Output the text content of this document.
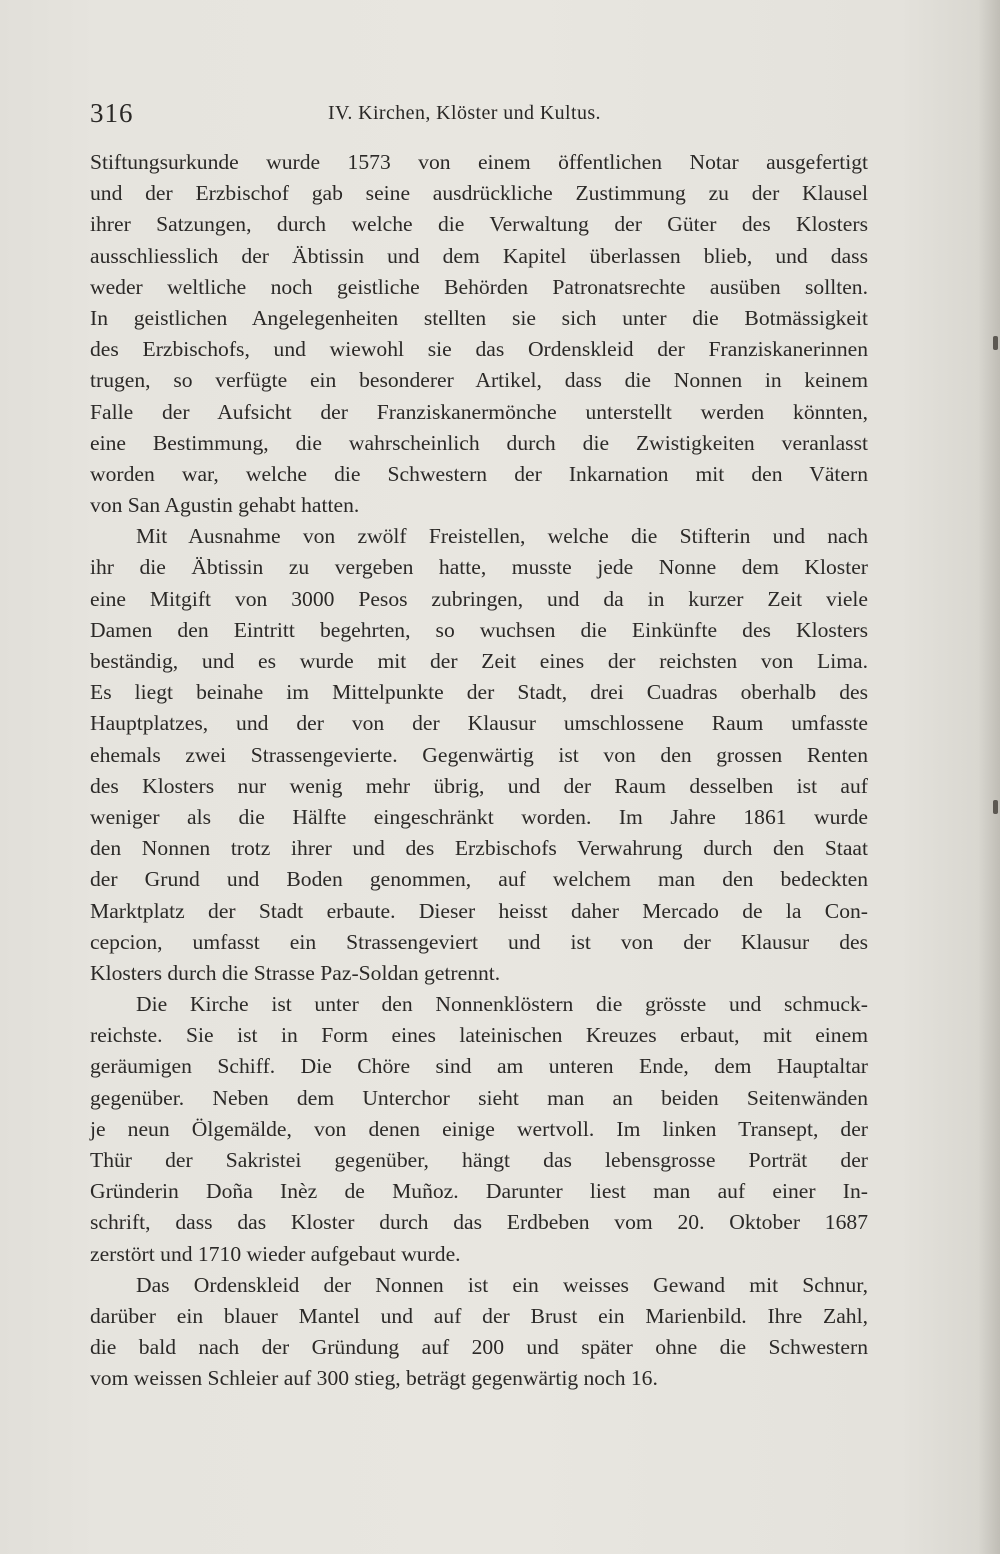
316	IV. Kirchen, Klöster und Kultus.
Stiftungsurkunde wurde 1573 von einem öffentlichen Notar ausgefertigt
und der Erzbischof gab seine ausdrückliche Zustimmung zu der Klausel
ihrer Satzungen, durch welche die Verwaltung der Güter des Klosters
ausschliesslich der Äbtissin und dem Kapitel überlassen blieb, und dass
weder weltliche noch geistliche Behörden Patronatsrechte ausüben sollten.
In geistlichen Angelegenheiten stellten sie sich unter die Botmässigkeit
des Erzbischofs, und wiewohl sie das Ordenskleid der Franziskanerinnen
trugen, so verfügte ein besonderer Artikel, dass die Nonnen in keinem
Falle der Aufsicht der Franziskanermönche unterstellt werden könnten,
eine Bestimmung, die wahrscheinlich durch die Zwistigkeiten veranlasst
worden war, welche die Schwestern der Inkarnation mit den Vätern
von San Agustin gehabt hatten.
Mit Ausnahme von zwölf Freistellen, welche die Stifterin und nach
ihr die Äbtissin zu vergeben hatte, musste jede Nonne dem Kloster
eine Mitgift von 3000 Pesos zubringen, und da in kurzer Zeit viele
Damen den Eintritt begehrten, so wuchsen die Einkünfte des Klosters
beständig, und es wurde mit der Zeit eines der reichsten von Lima.
Es liegt beinahe im Mittelpunkte der Stadt, drei Cuadras oberhalb des
Hauptplatzes, und der von der Klausur umschlossene Raum umfasste
ehemals zwei Strassengevierte. Gegenwärtig ist von den grossen Renten
des Klosters nur wenig mehr übrig, und der Raum desselben ist auf
weniger als die Hälfte eingeschränkt worden. Im Jahre 1861 wurde
den Nonnen trotz ihrer und des Erzbischofs Verwahrung durch den Staat
der Grund und Boden genommen, auf welchem man den bedeckten
Marktplatz der Stadt erbaute. Dieser heisst daher Mercado de la Con-
cepcion, umfasst ein Strassengeviert und ist von der Klausur des
Klosters durch die Strasse Paz-Soldan getrennt.
Die Kirche ist unter den Nonnenklöstern die grösste und schmuck-
reichste. Sie ist in Form eines lateinischen Kreuzes erbaut, mit einem
geräumigen Schiff. Die Chöre sind am unteren Ende, dem Hauptaltar
gegenüber. Neben dem Unterchor sieht man an beiden Seitenwänden
je neun Ölgemälde, von denen einige wertvoll. Im linken Transept, der
Thür der Sakristei gegenüber, hängt das lebensgrosse Porträt der
Gründerin Doña Inèz de Muñoz. Darunter liest man auf einer In-
schrift, dass das Kloster durch das Erdbeben vom 20. Oktober 1687
zerstört und 1710 wieder aufgebaut wurde.
Das Ordenskleid der Nonnen ist ein weisses Gewand mit Schnur,
darüber ein blauer Mantel und auf der Brust ein Marienbild. Ihre Zahl,
die bald nach der Gründung auf 200 und später ohne die Schwestern
vom weissen Schleier auf 300 stieg, beträgt gegenwärtig noch 16.
